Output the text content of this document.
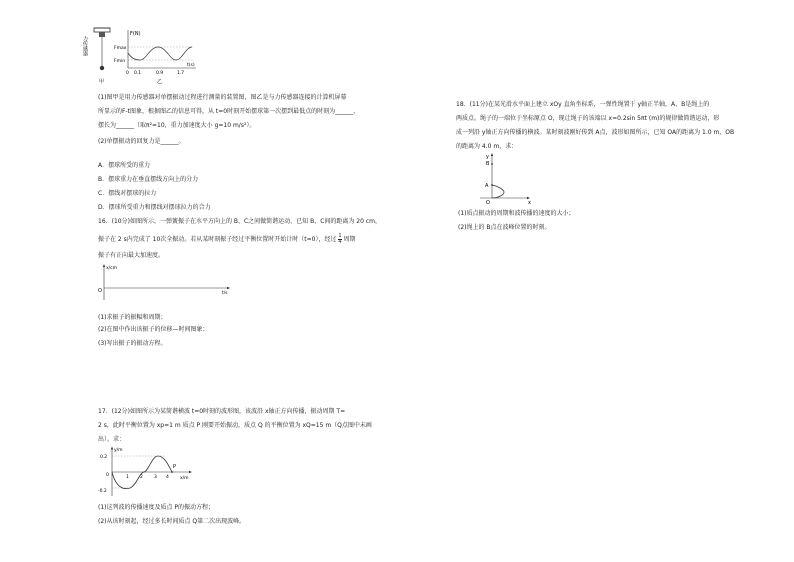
力传感器
甲
F(N)
Fmax
Fmin
0 0.1	0.9	1.7
t(s)
乙
(1)图甲是用力传感器对单摆振动过程进行测量的装置图，图乙是与力传感器连接的计算机屏幕
所显示的F-t图象，根据图乙的信息可得，从 t=0时刻开始摆球第一次摆到最低点的时刻为______，
摆长为______（取π²=10，重力加速度大小 g=10 m/s²）。
(2)单摆振动的回复力是______。
A．摆球所受的重力
B．摆球重力在垂直摆线方向上的分力
C．摆线对摆球的拉力
D．摆球所受重力和摆线对摆球拉力的合力
16．(10分)如图所示，一弹簧振子在水平方向上的 B、C之间做简谐运动，已知 B、C间的距离为 20 cm，
振子在 2 s内完成了 10次全振动。若从某时刻振子经过平衡位置时开始计时（t=0），经过 $\frac{1}{4}$ 周期
振子有正向最大加速度。
x/cm
t/s
O
(1)求振子的振幅和周期；
(2)在图中作出该振子的位移—时间图象；
(3)写出振子的振动方程。
17．(12分)如图所示为某简谐横波 t=0时刻的波形图，该波沿 x轴正方向传播，振动周期 T=
2 s，此时平衡位置为 xp=1 m 质点 P 刚要开始振动，质点 Q 的平衡位置为 xQ=15 m（Q点图中未画
出）。求：
y/m
x/m
0.2
0
-0.2
1 2 3 4
P
(1)这列波的传播速度及质点 P的振动方程；
(2)从该时刻起，经过多长时间质点 Q第二次出现波峰。
18．(11分)在某光滑水平面上建立 xOy 直角坐标系，一弹性绳置于 y轴正半轴，A、B是绳上的
两质点。绳子的一端位于坐标原点 O，现让绳子的该端以 x=0.2sin 5πt (m)的规律做简谐运动，形
成一列沿 y轴正方向传播的横波。某时刻波刚好传到 A点，波形如图所示，已知 OA的距离为 1.0 m，OB
的距离为 4.0 m，求：
y
x
B
A
O
(1)质点振动的周期和波传播的速度的大小；
(2)绳上的 B点在波峰位置的时刻。
